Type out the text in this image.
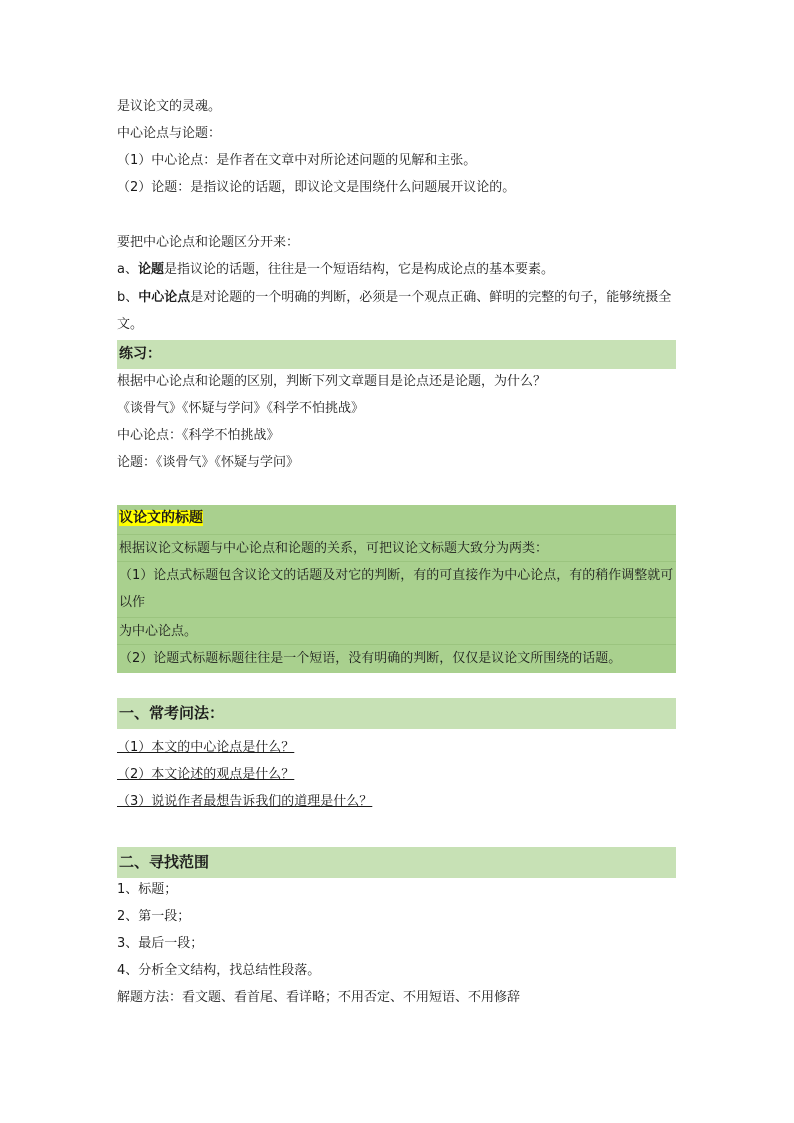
是议论文的灵魂。
中心论点与论题：
（1）中心论点：是作者在文章中对所论述问题的见解和主张。
（2）论题：是指议论的话题，即议论文是围绕什么问题展开议论的。
要把中心论点和论题区分开来：
a、论题是指议论的话题，往往是一个短语结构，它是构成论点的基本要素。
b、中心论点是对论题的一个明确的判断，必须是一个观点正确、鲜明的完整的句子，能够统摄全文。
练习：
根据中心论点和论题的区别，判断下列文章题目是论点还是论题，为什么？
《谈骨气》《怀疑与学问》《科学不怕挑战》
中心论点：《科学不怕挑战》
论题：《谈骨气》《怀疑与学问》
议论文的标题
根据议论文标题与中心论点和论题的关系，可把议论文标题大致分为两类：
（1）论点式标题包含议论文的话题及对它的判断，有的可直接作为中心论点，有的稍作调整就可以作
为中心论点。
（2）论题式标题标题往往是一个短语，没有明确的判断，仅仅是议论文所围绕的话题。
一、常考问法：
（1）本文的中心论点是什么？
（2）本文论述的观点是什么？
（3）说说作者最想告诉我们的道理是什么？
二、寻找范围
1、标题；
2、第一段；
3、最后一段；
4、分析全文结构，找总结性段落。
解题方法：看文题、看首尾、看详略；不用否定、不用短语、不用修辞
